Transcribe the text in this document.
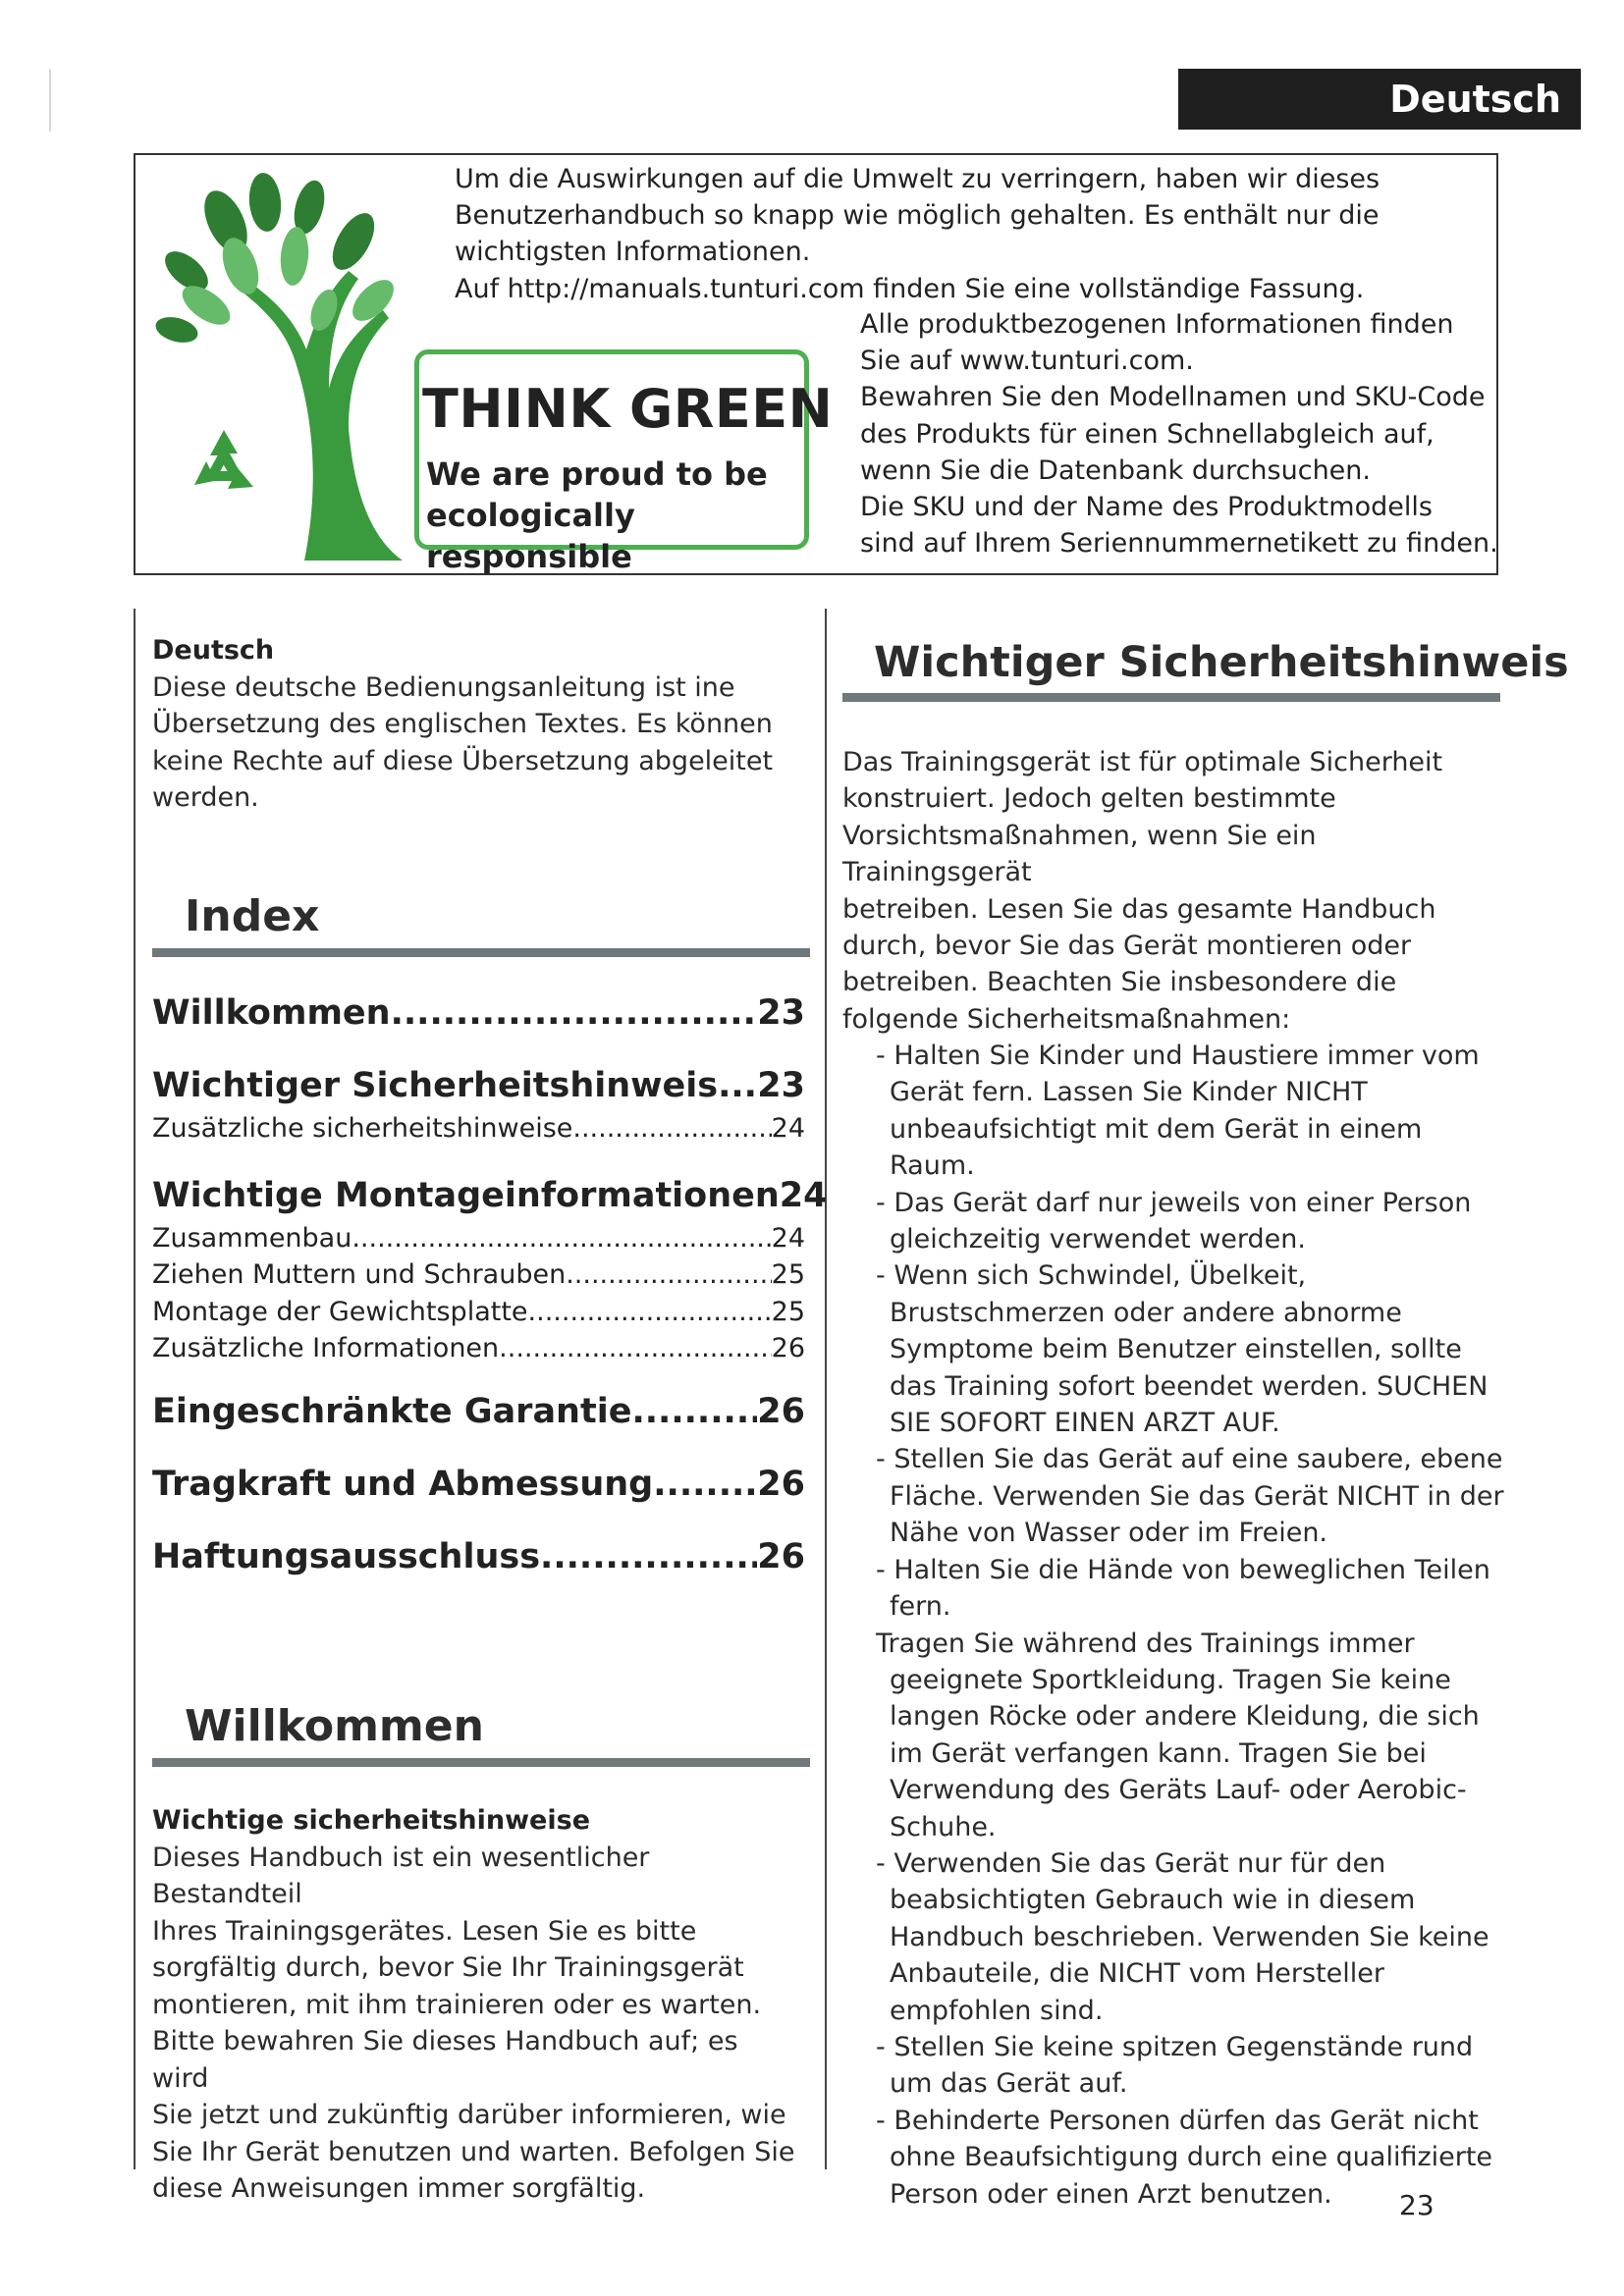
Deutsch
THINK GREEN
We are proud to be
ecologically responsible
Um die Auswirkungen auf die Umwelt zu verringern, haben wir dieses
Benutzerhandbuch so knapp wie möglich gehalten. Es enthält nur die
wichtigsten Informationen.
Auf http://manuals.tunturi.com finden Sie eine vollständige Fassung.
Alle produktbezogenen Informationen finden
Sie auf www.tunturi.com.
Bewahren Sie den Modellnamen und SKU-Code
des Produkts für einen Schnellabgleich auf,
wenn Sie die Datenbank durchsuchen.
Die SKU und der Name des Produktmodells
sind auf Ihrem Seriennummernetikett zu finden.
Deutsch
Diese deutsche Bedienungsanleitung ist ine
Übersetzung des englischen Textes. Es können
keine Rechte auf diese Übersetzung abgeleitet
werden.
Index
Willkommen .....	23
Wichtiger Sicherheitshinweis ..... 23
Zusätzliche sicherheitshinweise .....	24
Wichtige Montageinformationen 24
Zusammenbau .....	24
Ziehen Muttern und Schrauben .....	25
Montage der Gewichtsplatte .....	25
Zusätzliche Informationen .....	26
Eingeschränkte Garantie .....	26
Tragkraft und Abmessung .....	26
Haftungsausschluss .....	26
Willkommen
Wichtige sicherheitshinweise
Dieses Handbuch ist ein wesentlicher Bestandteil
Ihres Trainingsgerätes. Lesen Sie es bitte
sorgfältig durch, bevor Sie Ihr Trainingsgerät
montieren, mit ihm trainieren oder es warten.
Bitte bewahren Sie dieses Handbuch auf; es wird
Sie jetzt und zukünftig darüber informieren, wie
Sie Ihr Gerät benutzen und warten. Befolgen Sie
diese Anweisungen immer sorgfältig.
Wichtiger Sicherheitshinweis
Das Trainingsgerät ist für optimale Sicherheit
konstruiert. Jedoch gelten bestimmte
Vorsichtsmaßnahmen, wenn Sie ein Trainingsgerät
betreiben. Lesen Sie das gesamte Handbuch
durch, bevor Sie das Gerät montieren oder
betreiben. Beachten Sie insbesondere die
folgende Sicherheitsmaßnahmen:
- Halten Sie Kinder und Haustiere immer vom Gerät fern. Lassen Sie Kinder NICHT unbeaufsichtigt mit dem Gerät in einem Raum.
- Das Gerät darf nur jeweils von einer Person gleichzeitig verwendet werden.
- Wenn sich Schwindel, Übelkeit, Brustschmerzen oder andere abnorme Symptome beim Benutzer einstellen, sollte das Training sofort beendet werden. SUCHEN SIE SOFORT EINEN ARZT AUF.
- Stellen Sie das Gerät auf eine saubere, ebene Fläche. Verwenden Sie das Gerät NICHT in der Nähe von Wasser oder im Freien.
- Halten Sie die Hände von beweglichen Teilen fern.
Tragen Sie während des Trainings immer geeignete Sportkleidung. Tragen Sie keine langen Röcke oder andere Kleidung, die sich im Gerät verfangen kann. Tragen Sie bei Verwendung des Geräts Lauf- oder Aerobic-Schuhe.
- Verwenden Sie das Gerät nur für den beabsichtigten Gebrauch wie in diesem Handbuch beschrieben. Verwenden Sie keine Anbauteile, die NICHT vom Hersteller empfohlen sind.
- Stellen Sie keine spitzen Gegenstände rund um das Gerät auf.
- Behinderte Personen dürfen das Gerät nicht ohne Beaufsichtigung durch eine qualifizierte Person oder einen Arzt benutzen.	23
